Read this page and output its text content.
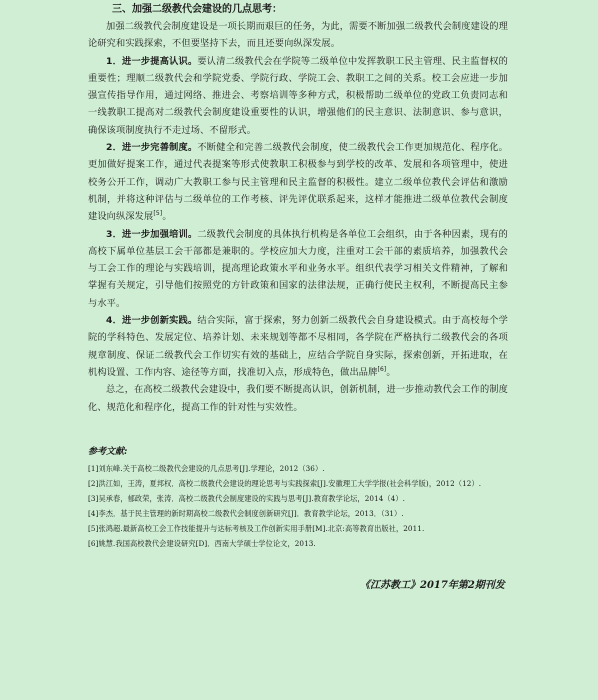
三、加强二级教代会建设的几点思考：

加强二级教代会制度建设是一项长期而艰巨的任务，为此，需要不断加强二级教代会制度建设的理论研究和实践探索，不但要坚持下去，而且还要向纵深发展。

1．进一步提高认识。要认清二级教代会在学院等二级单位中发挥教职工民主管理、民主监督权的重要性；理顺二级教代会和学院党委、学院行政、学院工会、教职工之间的关系。校工会应进一步加强宣传指导作用，通过网络、推进会、考察培训等多种方式，积极帮助二级单位的党政工负责同志和一线教职工提高对二级教代会制度建设重要性的认识，增强他们的民主意识、法制意识、参与意识，确保该项制度执行不走过场、不留形式。

2．进一步完善制度。不断健全和完善二级教代会制度，使二级教代会工作更加规范化、程序化。更加做好提案工作，通过代表提案等形式使教职工积极参与到学校的改革、发展和各项管理中，使进校务公开工作，调动广大教职工参与民主管理和民主监督的积极性。建立二级单位教代会评估和激励机制，并将这种评估与二级单位的工作考核、评先评优联系起来，这样才能推进二级单位教代会制度建设向纵深发展[5]。

3．进一步加强培训。二级教代会制度的具体执行机构是各单位工会组织，由于各种因素，现有的高校下属单位基层工会干部都是兼职的。学校应加大力度，注重对工会干部的素质培养，加强教代会与工会工作的理论与实践培训，提高理论政策水平和业务水平。组织代表学习相关文件精神，了解和掌握有关规定，引导他们按照党的方针政策和国家的法律法规，正确行使民主权利，不断提高民主参与水平。

4．进一步创新实践。结合实际，富于探索，努力创新二级教代会自身建设模式。由于高校每个学院的学科特色、发展定位、培养计划、未来规划等都不尽相同，各学院在严格执行二级教代会的各项规章制度、保证二级教代会工作切实有效的基础上，应结合学院自身实际，探索创新，开拓进取，在机构设置、工作内容、途径等方面，找准切入点，形成特色，做出品牌[6]。

总之，在高校二级教代会建设中，我们要不断提高认识，创新机制，进一步推动教代会工作的制度化、规范化和程序化，提高工作的针对性与实效性。

参考文献:

[1]刘东峰.关于高校二级教代会建设的几点思考[J].学理论，2012（36）.

[2]洪江如，王涛，夏邦权．高校二级教代会建设的理论思考与实践探索[J].安徽理工大学学报(社会科学版)，2012（12）.

[3]吴承春，郁政荣，张涛．高校二级教代会制度建设的实践与思考[J].教育教学论坛，2014（4）.

[4]李杰．基于民主管理的新时期高校二级教代会制度创新研究[J]．教育教学论坛，2013．（31）.

[5]张鸿超.最新高校工会工作技能提升与达标考核及工作创新实用手册[M].北京:高等教育出版社，2011.

[6]姚慧.我国高校教代会建设研究[D]．西南大学硕士学位论文，2013.

《江苏教工》2017年第2期刊发
